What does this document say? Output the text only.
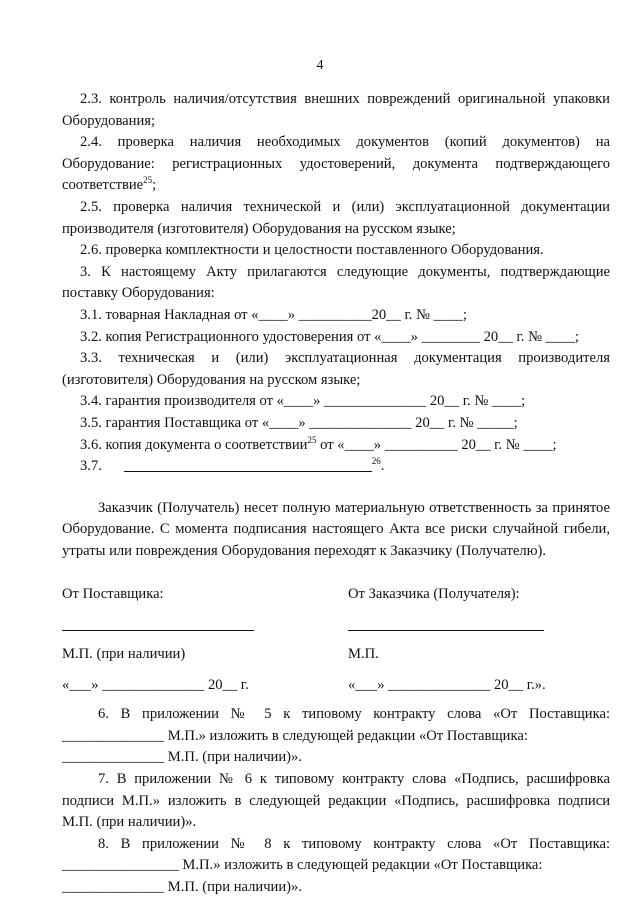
4

2.3. контроль наличия/отсутствия внешних повреждений оригинальной упаковки Оборудования;

2.4. проверка наличия необходимых документов (копий документов) на Оборудование: регистрационных удостоверений, документа подтверждающего соответствие$^{25}$;

2.5. проверка наличия технической и (или) эксплуатационной документации производителя (изготовителя) Оборудования на русском языке;

2.6. проверка комплектности и целостности поставленного Оборудования.

3. К настоящему Акту прилагаются следующие документы, подтверждающие поставку Оборудования:

3.1. товарная Накладная от «____» __________20__ г. № ____;

3.2. копия Регистрационного удостоверения от «____» ________ 20__ г. № ____;

3.3. техническая и (или) эксплуатационная документация производителя (изготовителя) Оборудования на русском языке;

3.4. гарантия производителя от «____» ______________ 20__ г. № ____;

3.5. гарантия Поставщика от «____» ______________ 20__ г. № _____;

3.6. копия документа о соответствии$^{25}$ от «____» __________ 20__ г. № ____;

3.7.	$^{26}$.

Заказчик (Получатель) несет полную материальную ответственность за принятое Оборудование. С момента подписания настоящего Акта все риски случайной гибели, утраты или повреждения Оборудования переходят к Заказчику (Получателю).

От Поставщика:
М.П. (при наличии)
«___» ______________ 20__ г.
От Заказчика (Получателя):
М.П.
«___» ______________ 20__ г.».

6. В приложении № 5 к типовому контракту слова «От Поставщика: ______________ М.П.» изложить в следующей редакции «От Поставщика:

______________ М.П. (при наличии)».

7. В приложении № 6 к типовому контракту слова «Подпись, расшифровка подписи М.П.» изложить в следующей редакции «Подпись, расшифровка подписи М.П. (при наличии)».

8. В приложении № 8 к типовому контракту слова «От Поставщика: ________________ М.П.» изложить в следующей редакции «От Поставщика:

______________ М.П. (при наличии)».
